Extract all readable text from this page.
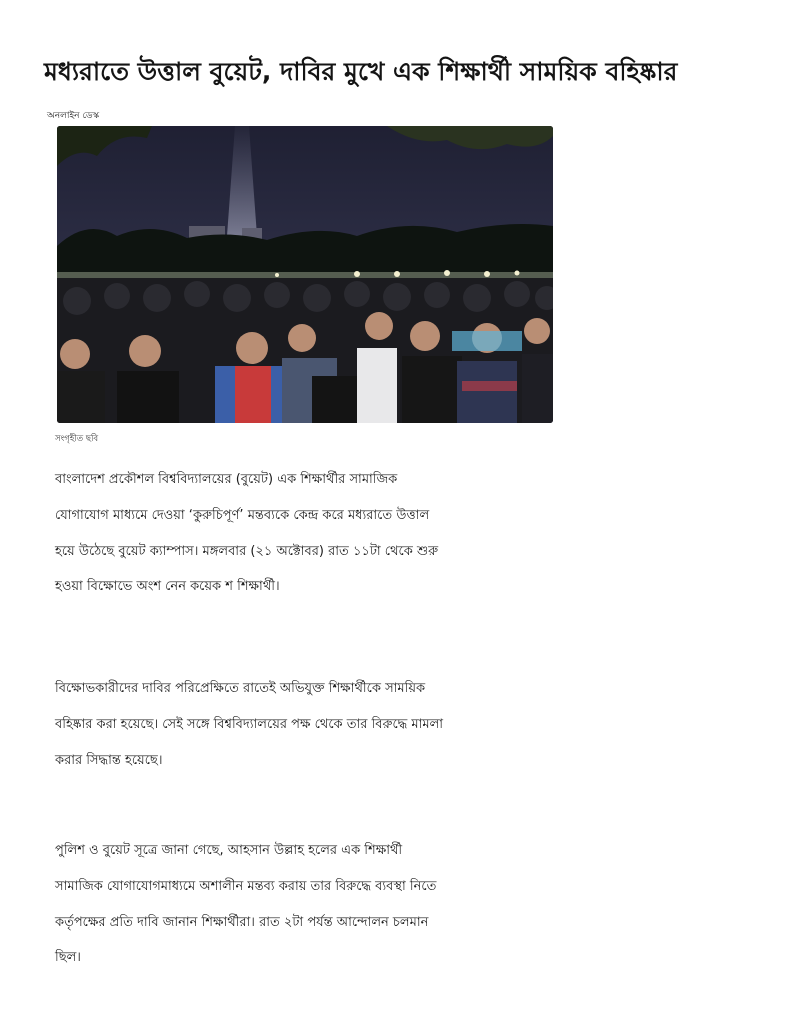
মধ্যরাতে উত্তাল বুয়েট, দাবির মুখে এক শিক্ষার্থী সাময়িক বহিষ্কার
অনলাইন ডেস্ক
সংগৃহীত ছবি

বাংলাদেশ প্রকৌশল বিশ্ববিদ্যালয়ের (বুয়েট) এক শিক্ষার্থীর সামাজিক যোগাযোগ মাধ্যমে দেওয়া ‘কুরুচিপূর্ণ’ মন্তব্যকে কেন্দ্র করে মধ্যরাতে উত্তাল হয়ে উঠেছে বুয়েট ক্যাম্পাস। মঙ্গলবার (২১ অক্টোবর) রাত ১১টা থেকে শুরু হওয়া বিক্ষোভে অংশ নেন কয়েক শ শিক্ষার্থী।

বিক্ষোভকারীদের দাবির পরিপ্রেক্ষিতে রাতেই অভিযুক্ত শিক্ষার্থীকে সাময়িক বহিষ্কার করা হয়েছে। সেই সঙ্গে বিশ্ববিদ্যালয়ের পক্ষ থেকে তার বিরুদ্ধে মামলা করার সিদ্ধান্ত হয়েছে।

পুলিশ ও বুয়েট সূত্রে জানা গেছে, আহসান উল্লাহ হলের এক শিক্ষার্থী সামাজিক যোগাযোগমাধ্যমে অশালীন মন্তব্য করায় তার বিরুদ্ধে ব্যবস্থা নিতে কর্তৃপক্ষের প্রতি দাবি জানান শিক্ষার্থীরা। রাত ২টা পর্যন্ত আন্দোলন চলমান ছিল।
